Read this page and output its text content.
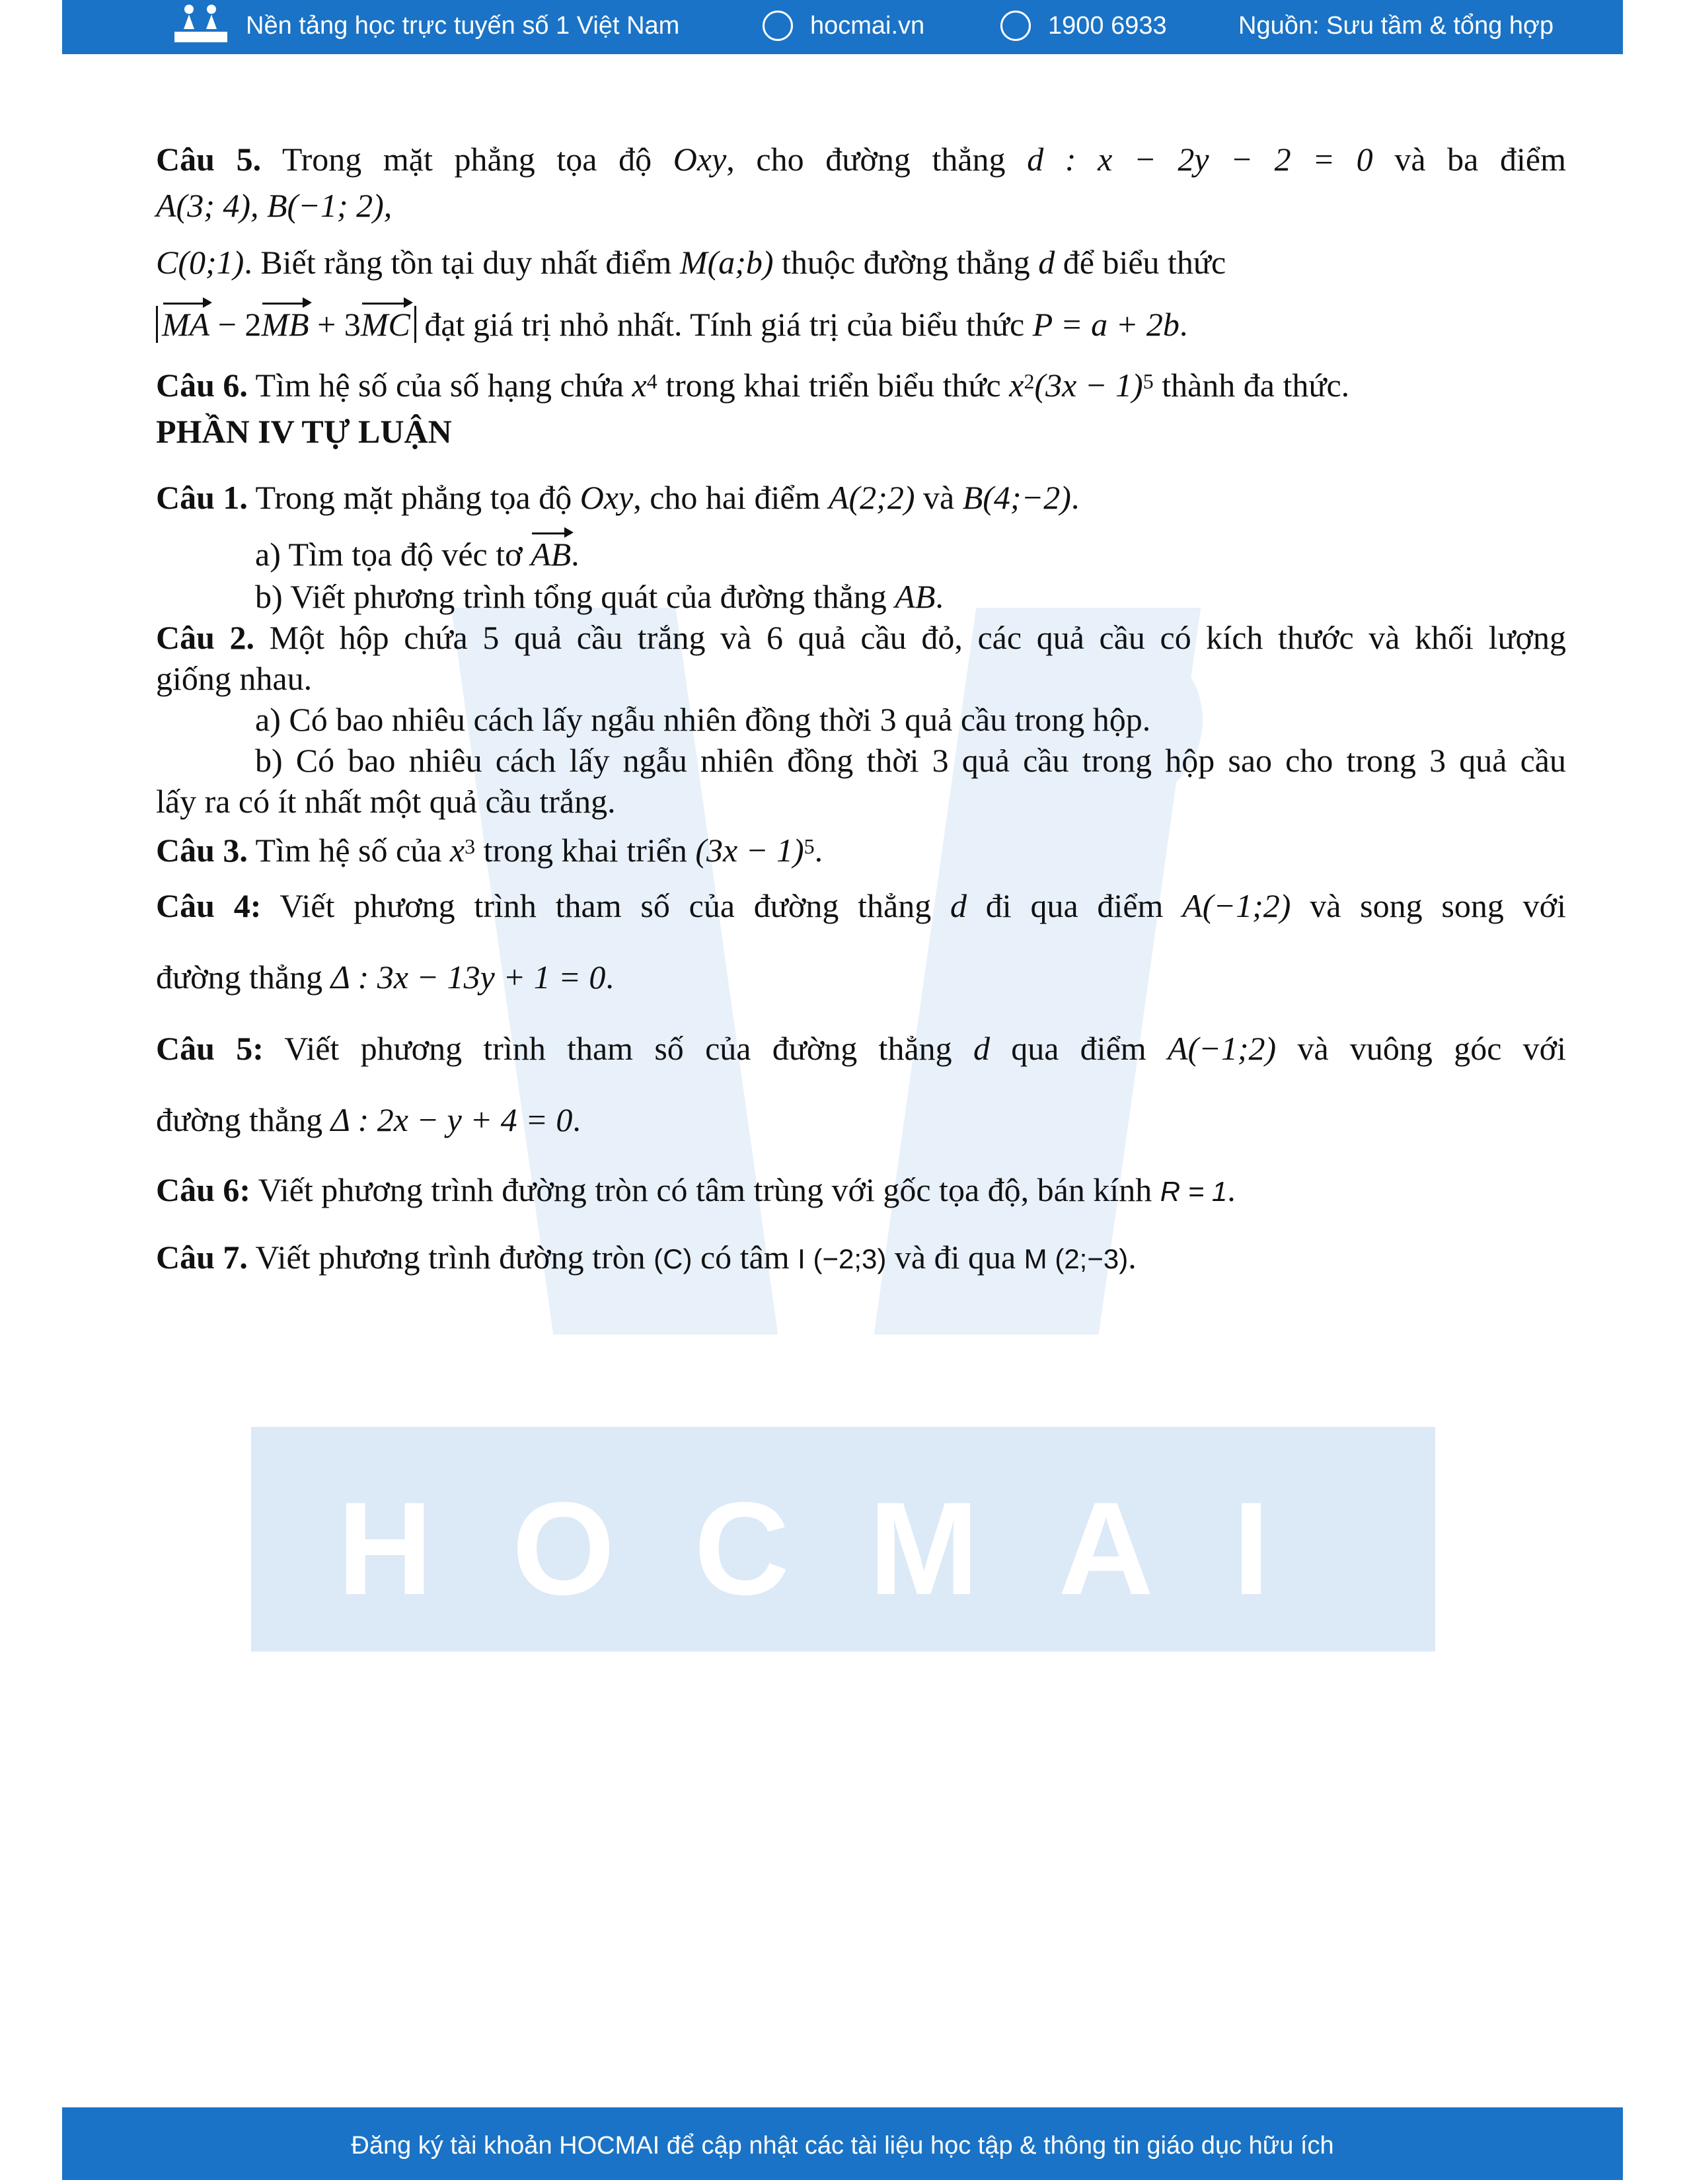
HOCMAI
Nền tảng học trực tuyến số 1 Việt Nam	hocmai.vn	1900 6933	Nguồn: Sưu tầm & tổng hợp
Câu 5. Trong mặt phẳng tọa độ Oxy, cho đường thẳng d : x − 2y − 2 = 0 và ba điểm
A(3; 4), B(−1; 2),
C(0;1). Biết rằng tồn tại duy nhất điểm M(a;b) thuộc đường thẳng d để biểu thức
MA − 2MB + 3MC đạt giá trị nhỏ nhất. Tính giá trị của biểu thức P = a + 2b.
Câu 6. Tìm hệ số của số hạng chứa $x^4$ trong khai triển biểu thức $x^2(3x - 1)^5$ thành đa thức.
PHẦN IV TỰ LUẬN
Câu 1. Trong mặt phẳng tọa độ Oxy, cho hai điểm A(2;2) và B(4;−2).
a) Tìm tọa độ véc tơ AB.
b) Viết phương trình tổng quát của đường thẳng AB.
Câu 2. Một hộp chứa 5 quả cầu trắng và 6 quả cầu đỏ, các quả cầu có kích thước và khối lượng
giống nhau.
a) Có bao nhiêu cách lấy ngẫu nhiên đồng thời 3 quả cầu trong hộp.
b) Có bao nhiêu cách lấy ngẫu nhiên đồng thời 3 quả cầu trong hộp sao cho trong 3 quả cầu
lấy ra có ít nhất một quả cầu trắng.
Câu 3. Tìm hệ số của $x^3$ trong khai triển $(3x - 1)^5$.
Câu 4: Viết phương trình tham số của đường thẳng d đi qua điểm A(−1;2) và song song với
đường thẳng Δ : 3x − 13y + 1 = 0.
Câu 5: Viết phương trình tham số của đường thẳng d qua điểm A(−1;2) và vuông góc với
đường thẳng Δ : 2x − y + 4 = 0.
Câu 6: Viết phương trình đường tròn có tâm trùng với gốc tọa độ, bán kính R = 1.
Câu 7. Viết phương trình đường tròn (C) có tâm I (−2;3) và đi qua M (2;−3).
Đăng ký tài khoản HOCMAI để cập nhật các tài liệu học tập & thông tin giáo dục hữu ích
